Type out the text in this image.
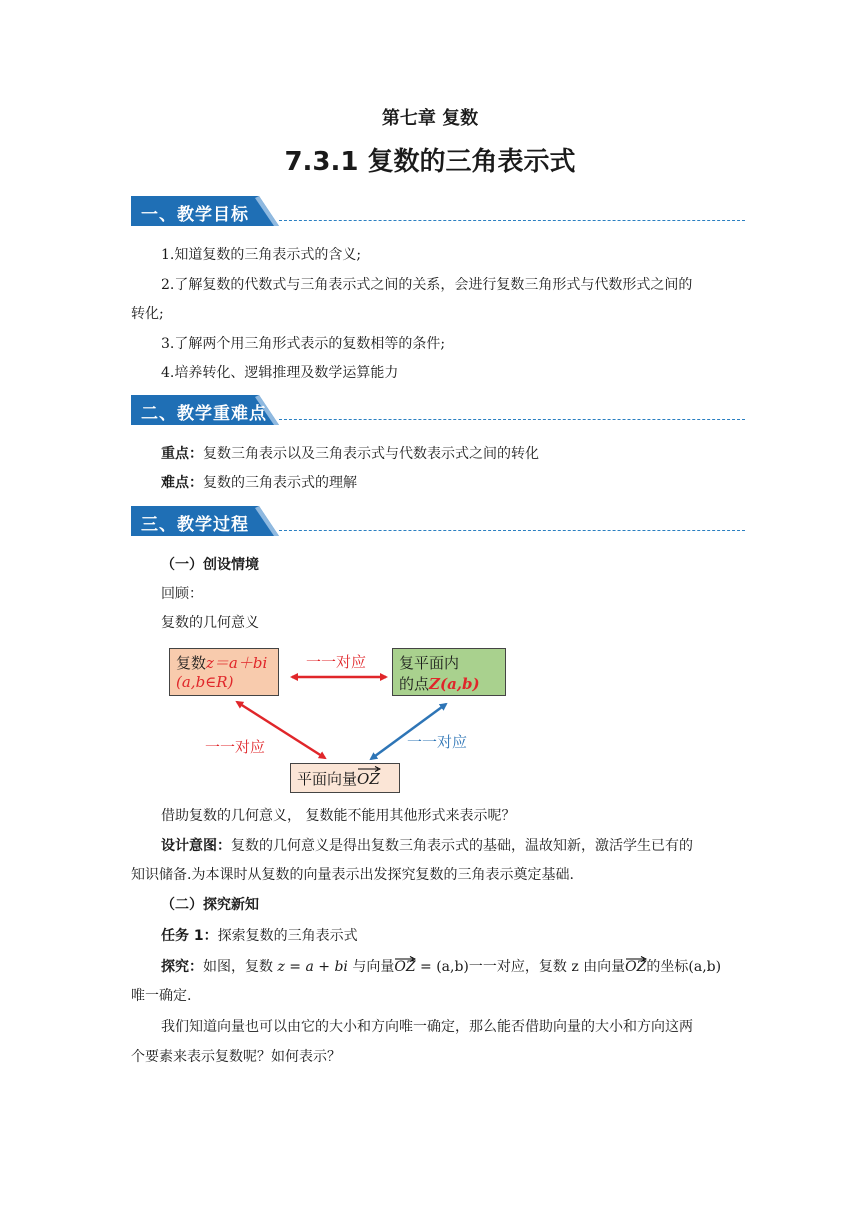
第七章 复数
7.3.1 复数的三角表示式
一、教学目标
1.知道复数的三角表示式的含义;
2.了解复数的代数式与三角表示式之间的关系，会进行复数三角形式与代数形式之间的
转化;
3.了解两个用三角形式表示的复数相等的条件;
4.培养转化、逻辑推理及数学运算能力
二、教学重难点
重点：复数三角表示以及三角表示式与代数表示式之间的转化
难点：复数的三角表示式的理解
三、教学过程
（一）创设情境
回顾：
复数的几何意义
复数z＝a＋bi
(a,b∈R)
复平面内
的点Z(a,b)
平面向量OZ
一一对应
一一对应	一一对应
借助复数的几何意义， 复数能不能用其他形式来表示呢？
设计意图：复数的几何意义是得出复数三角表示式的基础，温故知新，激活学生已有的
知识储备.为本课时从复数的向量表示出发探究复数的三角表示奠定基础.
（二）探究新知
任务 1：探索复数的三角表示式
探究：如图，复数 z = a + bi 与向量OZ
= (a,b)一一对应，复数 z 由向量OZ
的坐标(a,b)
唯一确定.
我们知道向量也可以由它的大小和方向唯一确定，那么能否借助向量的大小和方向这两
个要素来表示复数呢？如何表示？
